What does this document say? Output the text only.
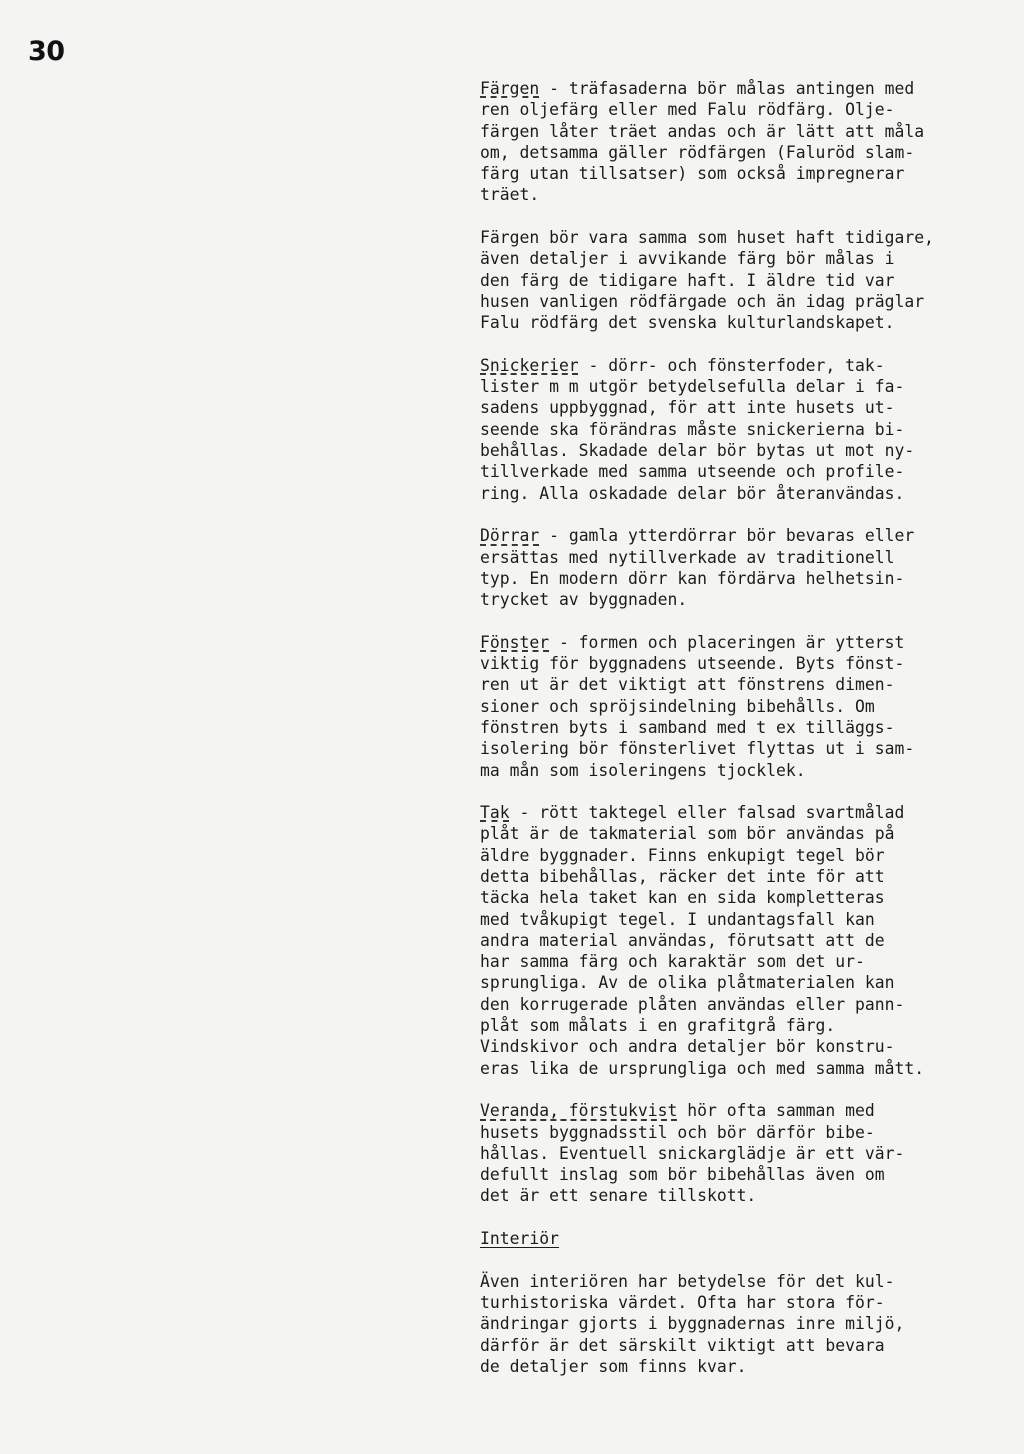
30
Färgen - träfasaderna bör målas antingen med
ren oljefärg eller med Falu rödfärg. Olje-
färgen låter träet andas och är lätt att måla
om, detsamma gäller rödfärgen (Faluröd slam-
färg utan tillsatser) som också impregnerar
träet.
Färgen bör vara samma som huset haft tidigare,
även detaljer i avvikande färg bör målas i
den färg de tidigare haft. I äldre tid var
husen vanligen rödfärgade och än idag präglar
Falu rödfärg det svenska kulturlandskapet.
Snickerier - dörr- och fönsterfoder, tak-
lister m m utgör betydelsefulla delar i fa-
sadens uppbyggnad, för att inte husets ut-
seende ska förändras måste snickerierna bi-
behållas. Skadade delar bör bytas ut mot ny-
tillverkade med samma utseende och profile-
ring. Alla oskadade delar bör återanvändas.
Dörrar - gamla ytterdörrar bör bevaras eller
ersättas med nytillverkade av traditionell
typ. En modern dörr kan fördärva helhetsin-
trycket av byggnaden.
Fönster - formen och placeringen är ytterst
viktig för byggnadens utseende. Byts fönst-
ren ut är det viktigt att fönstrens dimen-
sioner och spröjsindelning bibehålls. Om
fönstren byts i samband med t ex tilläggs-
isolering bör fönsterlivet flyttas ut i sam-
ma mån som isoleringens tjocklek.
Tak - rött taktegel eller falsad svartmålad
plåt är de takmaterial som bör användas på
äldre byggnader. Finns enkupigt tegel bör
detta bibehållas, räcker det inte för att
täcka hela taket kan en sida kompletteras
med tvåkupigt tegel. I undantagsfall kan
andra material användas, förutsatt att de
har samma färg och karaktär som det ur-
sprungliga. Av de olika plåtmaterialen kan
den korrugerade plåten användas eller pann-
plåt som målats i en grafitgrå färg.
Vindskivor och andra detaljer bör konstru-
eras lika de ursprungliga och med samma mått.
Veranda, förstukvist hör ofta samman med
husets byggnadsstil och bör därför bibe-
hållas. Eventuell snickarglädje är ett vär-
defullt inslag som bör bibehållas även om
det är ett senare tillskott.
Interiör
Även interiören har betydelse för det kul-
turhistoriska värdet. Ofta har stora för-
ändringar gjorts i byggnadernas inre miljö,
därför är det särskilt viktigt att bevara
de detaljer som finns kvar.
